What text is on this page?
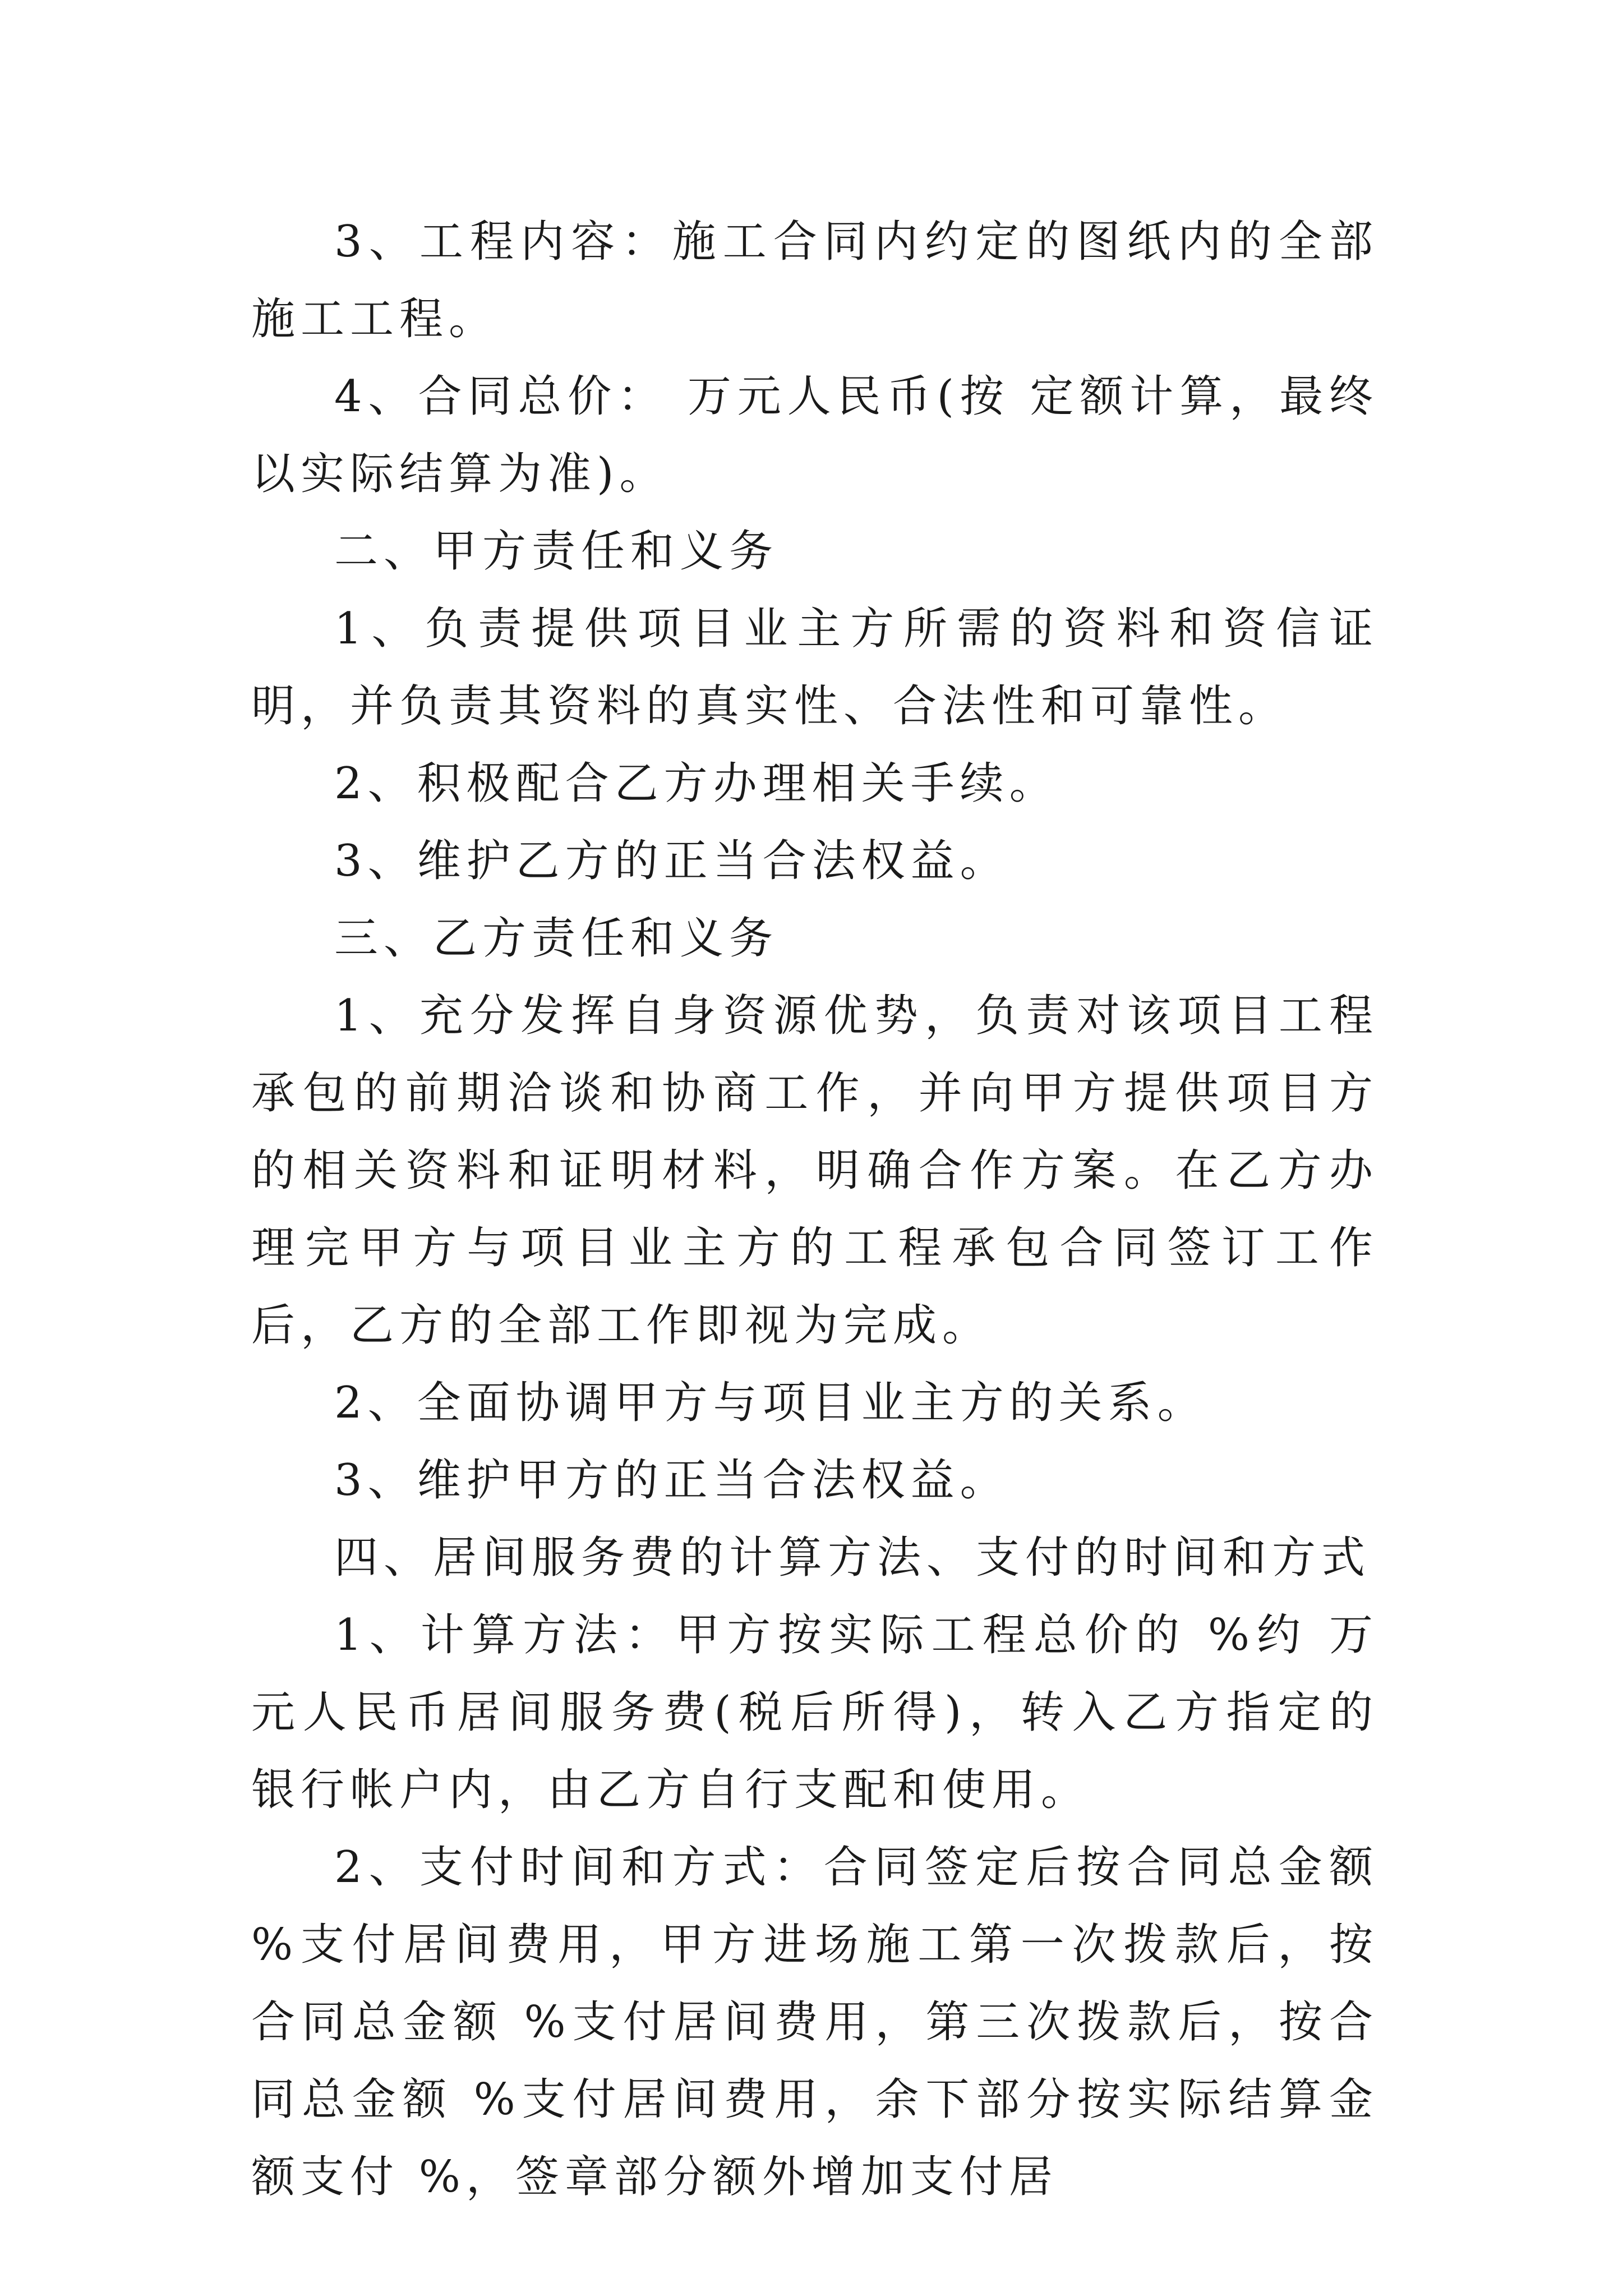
3、工程内容：施工合同内约定的图纸内的全部施工工程。

4、合同总价： 万元人民币(按 定额计算，最终以实际结算为准)。

二、甲方责任和义务

1、负责提供项目业主方所需的资料和资信证明，并负责其资料的真实性、合法性和可靠性。

2、积极配合乙方办理相关手续。

3、维护乙方的正当合法权益。

三、乙方责任和义务

1、充分发挥自身资源优势，负责对该项目工程承包的前期洽谈和协商工作，并向甲方提供项目方的相关资料和证明材料，明确合作方案。在乙方办理完甲方与项目业主方的工程承包合同签订工作后，乙方的全部工作即视为完成。

2、全面协调甲方与项目业主方的关系。

3、维护甲方的正当合法权益。

四、居间服务费的计算方法、支付的时间和方式

1、计算方法：甲方按实际工程总价的 %约 万元人民币居间服务费(税后所得)，转入乙方指定的银行帐户内，由乙方自行支配和使用。

2、支付时间和方式：合同签定后按合同总金额 %支付居间费用，甲方进场施工第一次拨款后，按合同总金额 %支付居间费用，第三次拨款后，按合同总金额 %支付居间费用，余下部分按实际结算金额支付 %，签章部分额外增加支付居
